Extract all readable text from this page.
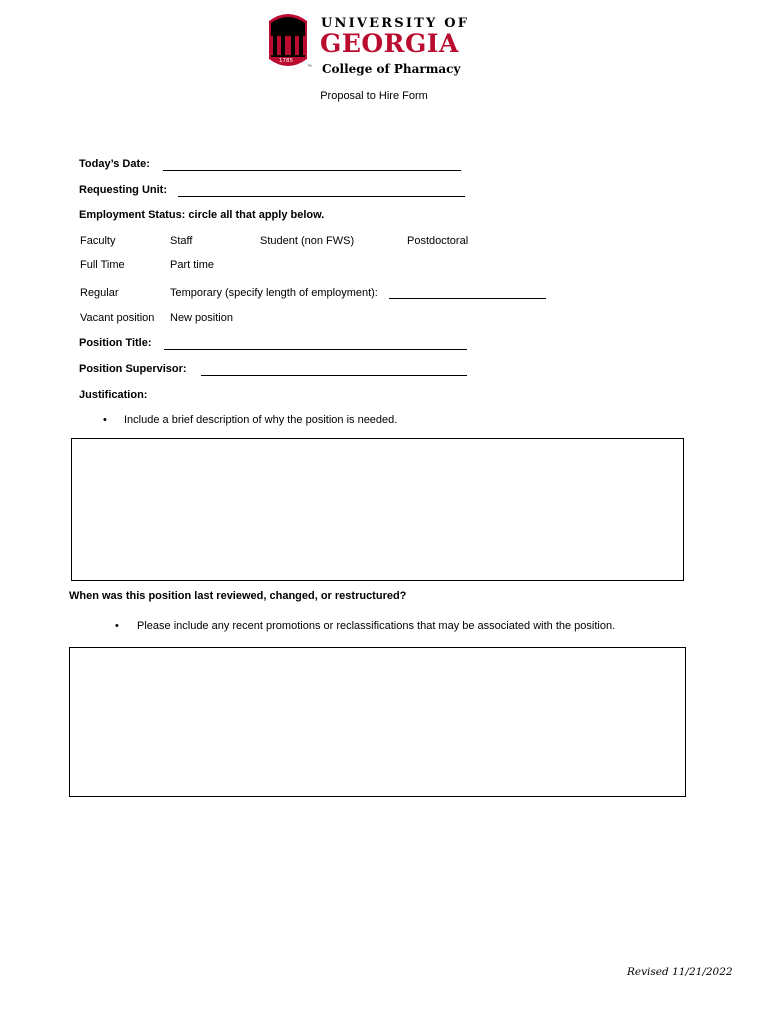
1785
UNIVERSITY OF
GEORGIA
College of Pharmacy
™
Proposal to Hire Form
Today’s Date:
Requesting Unit:
Employment Status: circle all that apply below.
Faculty	Staff	Student (non FWS)	Postdoctoral
Full Time	Part time
Regular	Temporary (specify length of employment):
Vacant position New position
Position Title:
Position Supervisor:
Justification:
• Include a brief description of why the position is needed.
When was this position last reviewed, changed, or restructured?
• Please include any recent promotions or reclassifications that may be associated with the position.
Revised 11/21/2022
